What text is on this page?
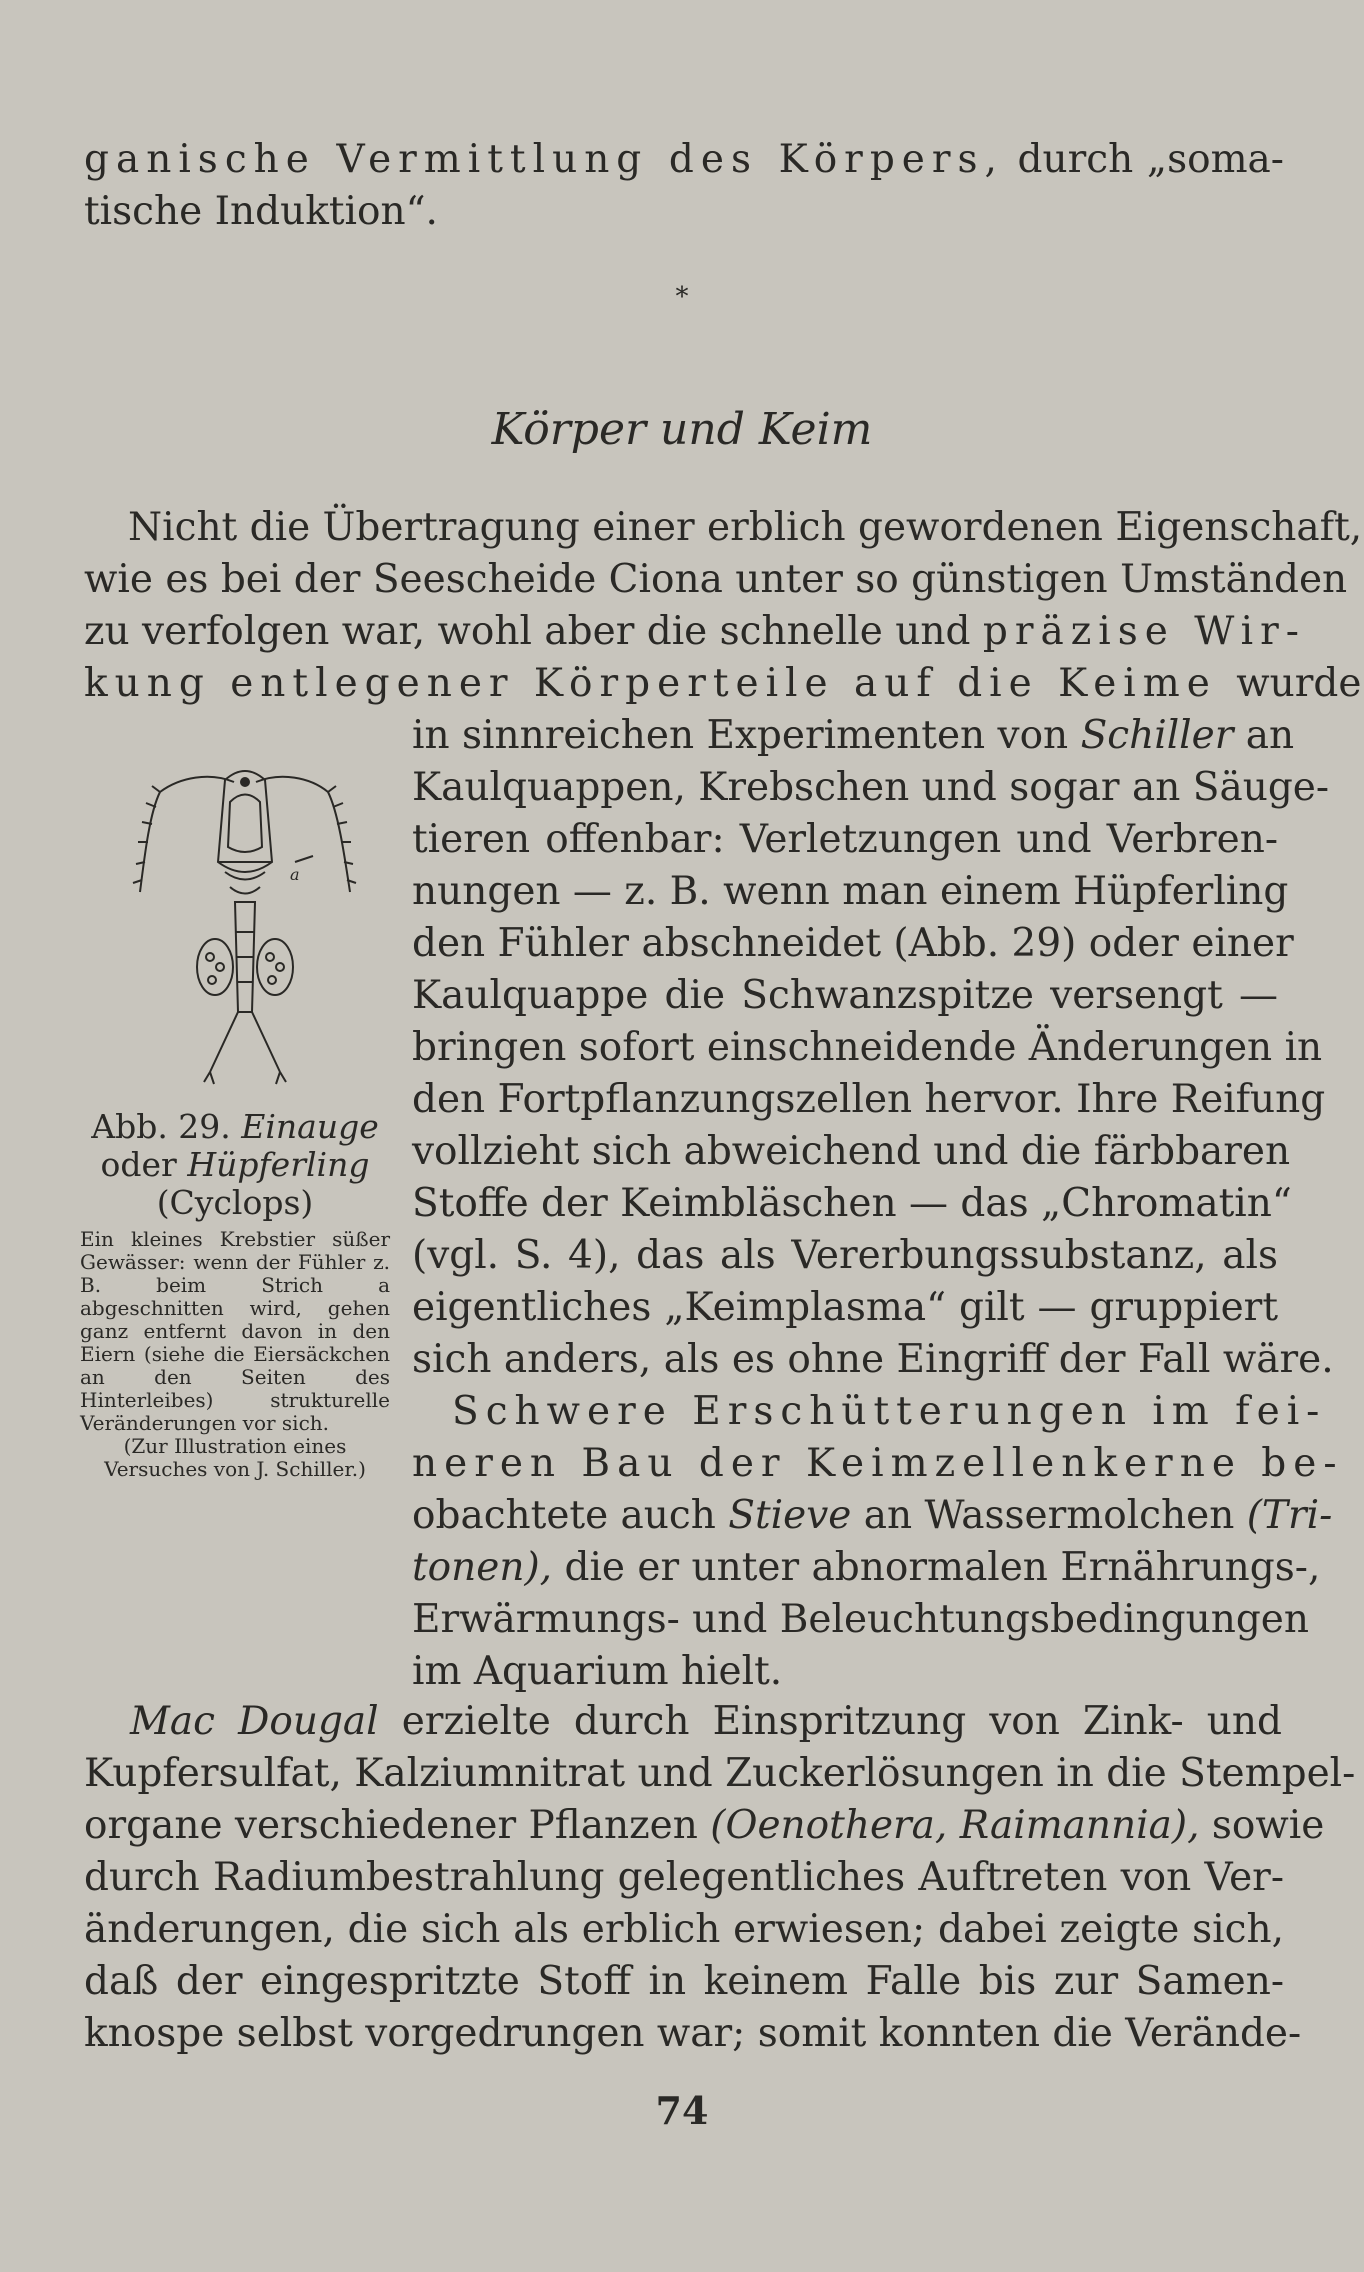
ganische Vermittlung des Körpers, durch „soma-
tische Induktion“.
*
Körper und Keim
Nicht die Übertragung einer erblich gewordenen Eigenschaft,
wie es bei der Seescheide Ciona unter so günstigen Umständen
zu verfolgen war, wohl aber die schnelle und präzise Wir-
kung entlegener Körperteile auf die Keime wurde
in sinnreichen Experimenten von Schiller an
Kaulquappen, Krebschen und sogar an Säuge-
tieren offenbar: Verletzungen und Verbren-
nungen — z. B. wenn man einem Hüpferling
den Fühler abschneidet (Abb. 29) oder einer
Kaulquappe die Schwanzspitze versengt —
bringen sofort einschneidende Änderungen in
den Fortpflanzungszellen hervor. Ihre Reifung
vollzieht sich abweichend und die färbbaren
Stoffe der Keimbläschen — das „Chromatin“
(vgl. S. 4), das als Vererbungssubstanz, als
eigentliches „Keimplasma“ gilt — gruppiert
sich anders, als es ohne Eingriff der Fall wäre.
Schwere Erschütterungen im fei-
neren Bau der Keimzellenkerne be-
obachtete auch Stieve an Wassermolchen (Tri-
tonen), die er unter abnormalen Ernährungs-,
Erwärmungs- und Beleuchtungsbedingungen
im Aquarium hielt.
a
Abb. 29. Einauge
oder Hüpferling
(Cyclops)
Ein kleines Krebstier süßer Gewässer: wenn der Fühler z. B. beim Strich a abgeschnitten wird, gehen ganz entfernt davon in den Eiern (siehe die Eiersäckchen an den Seiten des Hinterleibes) strukturelle Veränderungen vor sich.
(Zur Illustration eines Versuches von J. Schiller.)
Mac Dougal erzielte durch Einspritzung von Zink- und
Kupfersulfat, Kalziumnitrat und Zuckerlösungen in die Stempel-
organe verschiedener Pflanzen (Oenothera, Raimannia), sowie
durch Radiumbestrahlung gelegentliches Auftreten von Ver-
änderungen, die sich als erblich erwiesen; dabei zeigte sich,
daß der eingespritzte Stoff in keinem Falle bis zur Samen-
knospe selbst vorgedrungen war; somit konnten die Verände-
74
